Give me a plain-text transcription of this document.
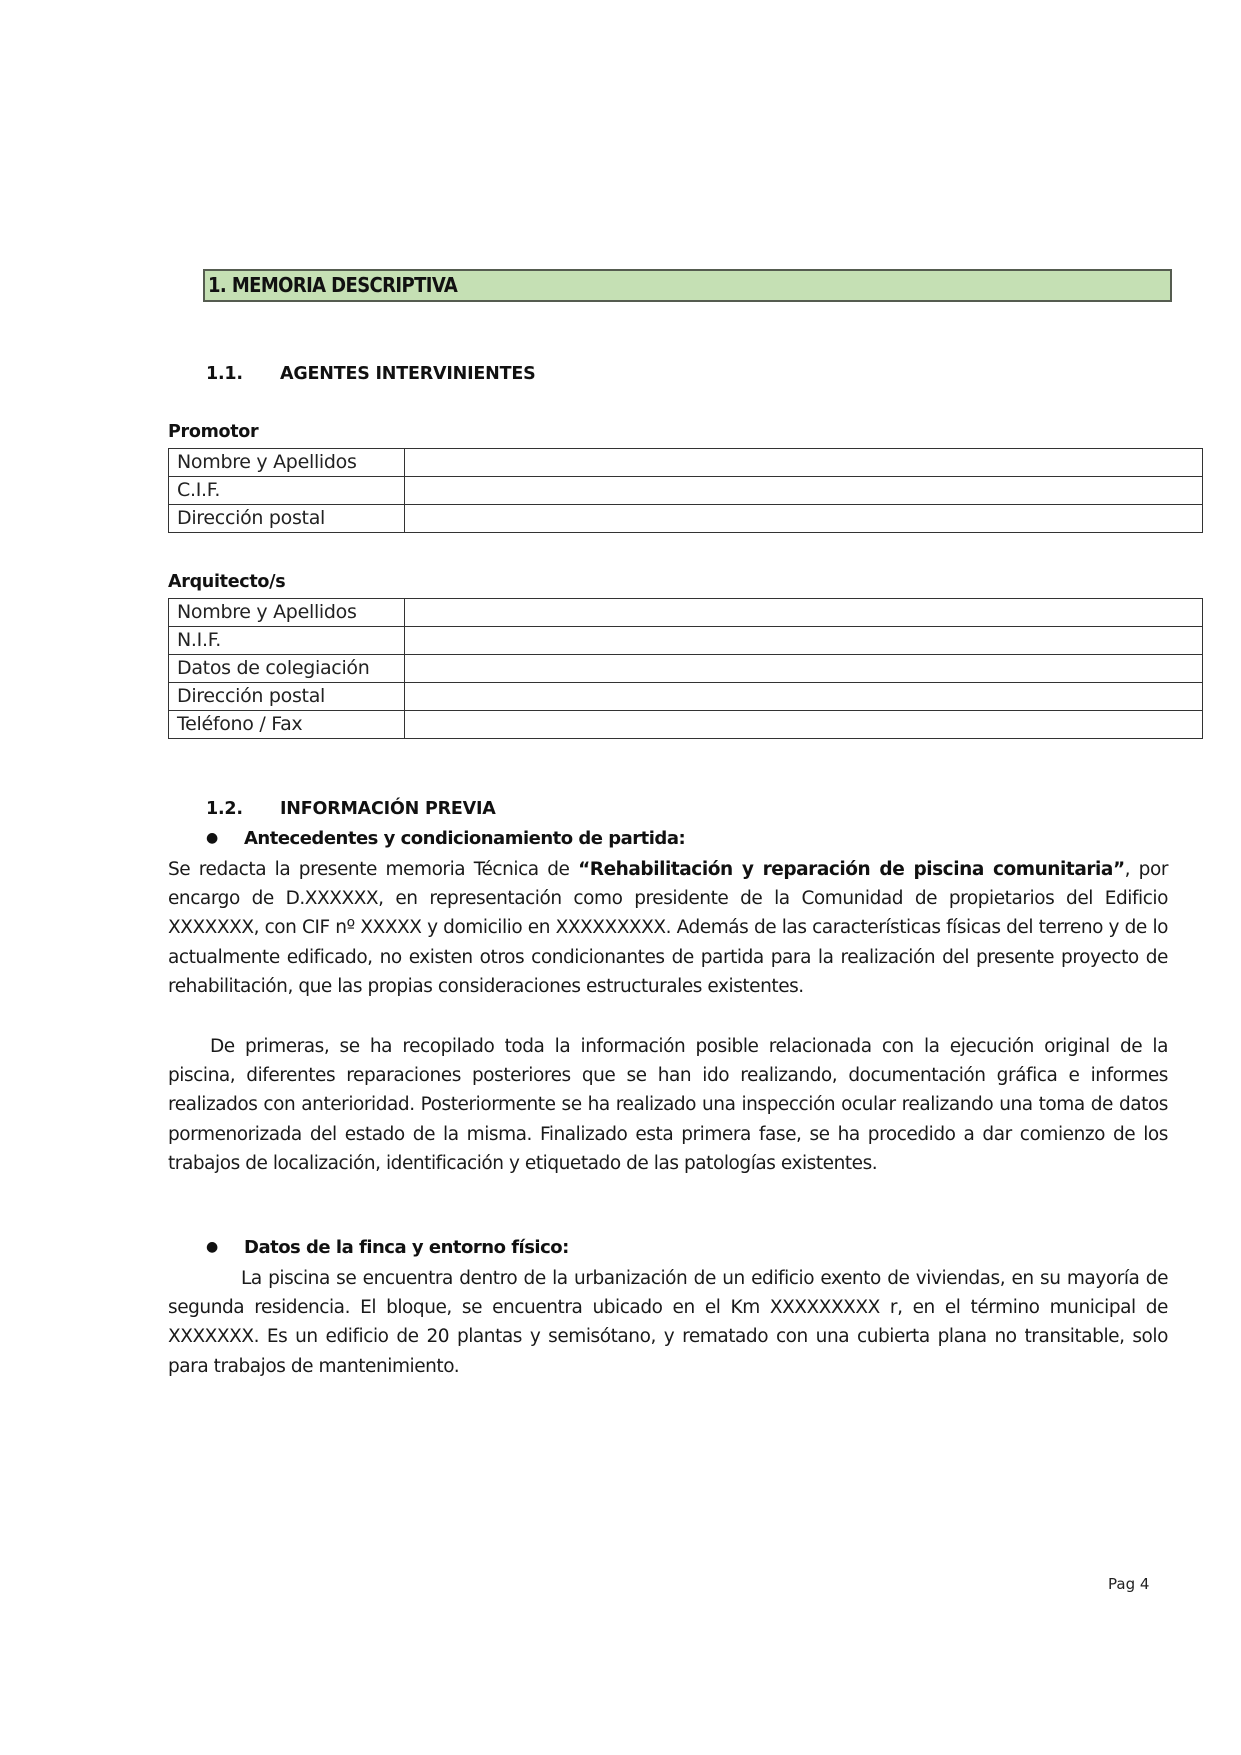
1. MEMORIA DESCRIPTIVA
1.1. AGENTES INTERVINIENTES
Promotor
Nombre y Apellidos	
C.I.F.	
Dirección postal	
Arquitecto/s
Nombre y Apellidos	
N.I.F.	
Datos de colegiación	
Dirección postal	
Teléfono / Fax	
1.2. INFORMACIÓN PREVIA
● Antecedentes y condicionamiento de partida:
Se redacta la presente memoria Técnica de “Rehabilitación y reparación de piscina comunitaria”, por encargo de D.XXXXXX, en representación como presidente de la Comunidad de propietarios del Edificio XXXXXXX, con CIF nº XXXXX y domicilio en XXXXXXXXX. Además de las características físicas del terreno y de lo actualmente edificado, no existen otros condicionantes de partida para la realización del presente proyecto de rehabilitación, que las propias consideraciones estructurales existentes.
De primeras, se ha recopilado toda la información posible relacionada con la ejecución original de la piscina, diferentes reparaciones posteriores que se han ido realizando, documentación gráfica e informes realizados con anterioridad. Posteriormente se ha realizado una inspección ocular realizando una toma de datos pormenorizada del estado de la misma. Finalizado esta primera fase, se ha procedido a dar comienzo de los trabajos de localización, identificación y etiquetado de las patologías existentes.
● Datos de la finca y entorno físico:
La piscina se encuentra dentro de la urbanización de un edificio exento de viviendas, en su mayoría de segunda residencia. El bloque, se encuentra ubicado en el Km XXXXXXXXX r, en el término municipal de XXXXXXX. Es un edificio de 20 plantas y semisótano, y rematado con una cubierta plana no transitable, solo para trabajos de mantenimiento.
Pag 4
